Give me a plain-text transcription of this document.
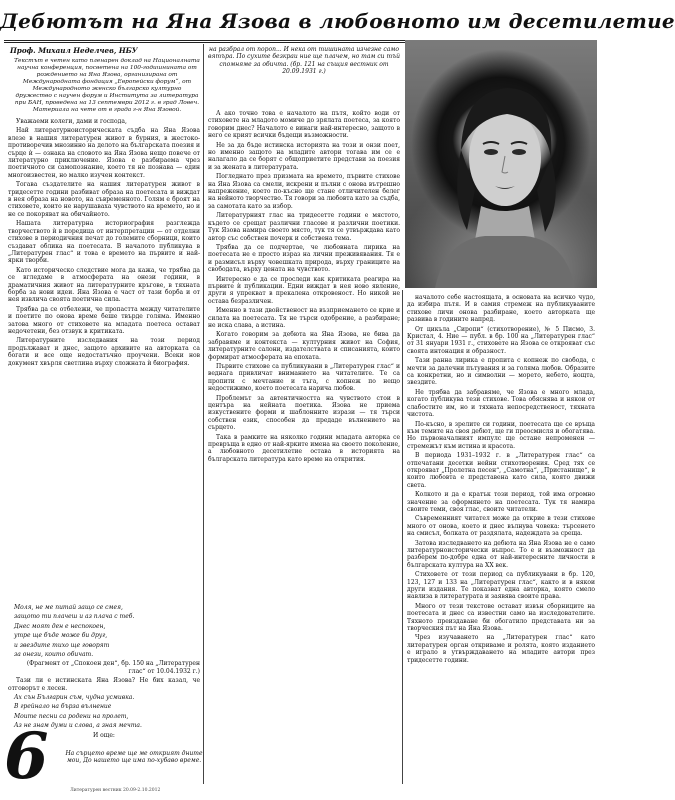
Дебютът на Яна Язова в любовното им десетилетие
Проф. Михаил Неделчев, НБУ
Текстът е четен като пленарен доклад на Националната научна конференция, посветена на 100-годишнината от рождението на Яна Язова, организирана от Международната фондация „Европейски форум“, от Международното женско българско културно дружество с научен форум и Института за литература при БАН, проведена на 13 септември 2012 г. в град Ловеч. Материала на чете от в града г-н Яна Язовой.

Уважаеми колеги, дами и господа,

Най литературноисторическата съдба на Яна Язова влезе в нашия литературен живот в бурния, в жестоко-противоречив мнозинно на делото на българската поезия и сърце ѝ — ознака на словото на Яна Язова нещо повече от литературно приключение. Язова е разбираема чрез поетичното си самопознание, което тя не познава — един многоизвестен, но малко изучен контекст.

Тогава създателите на нашия литературен живот в тридесетте години разбиват образа на поетесата и виждат в нея образа на новото, на съвременното. Голям е броят на стиховете, които не нарушаваха чувството на времето, но и не се покоряват на обичайното.

Нашата литературна историография разглежда творчеството ѝ в поредица от интерпретации — от отделни стихове в периодичния печат до големите сборници, които създават облика на поетесата. В началото публикува в „Литературен глас“ и това е времето на първите и най-ярки творби.

Като историческо следствие мога да кажа, че трябва да се вгледаме в атмосферата на онези години, в драматичния живот на литературните кръгове, в тяхната борба за нови идеи. Яна Язова е част от тази борба и от нея извлича своята поетична сила.

Трябва да се отбележи, че пропастта между читателите и поетите по онова време беше твърде голяма. Именно затова много от стиховете на младата поетеса остават недочетени, без отзвук в критиката.

Литературните изследвания на този период продължават и днес, защото архивите на авторката са богати и все още недостатъчно проучени. Всеки нов документ хвърля светлина върху сложната ѝ биография.

Моля, не ме питай защо се смея,

защото ти плачеш и аз плача с теб.

Днес моят ден е неспокоен,

утре ще бъде може би друг,

и звездите тихо ще говорят

за онези, които обичат.

(Фрагмент от „Спокоен ден“, бр. 150 на „Литературен глас“ от 10.04.1932 г.)

Тази ли е истинската Яна Язова? Не бих казал, че отговорът е лесен.

Ах сън Българин съм, чудна усмивка.

В грейнало на бърза вълнение

Моите песни са родени на пролет,

Аз не знам думи и слова, а зная мечта.

И още:

6	На сърцето време ще ме открият дните мои, До нашето ще има по-хубаво време.

на разбрал от пороп... И нека от тишината изчезне само вятъра. По сухите безкраи ние ще плачем, но там си тъй спомняме за обичта. (бр. 121 на същия вестник от 20.09.1931 г.)

А ако точно това е началото на пътя, който води от стиховете на младото момиче до зрялата поетеса, за която говорим днес? Началото е винаги най-интересно, защото в него се крият всички бъдещи възможности.

Не за да бъде истинска историята на този и онзи поет, но именно защото на младите автори тогава им се е налагало да се борят с общоприетите представи за поезия и за жената в литературата.

Погледнато през призмата на времето, първите стихове на Яна Язова са смели, искрени и пълни с онова вътрешно напрежение, което по-късно ще стане отличителен белег на нейното творчество. Тя говори за любовта като за съдба, за самотата като за избор.

Литературният глас на тридесетте години е мястото, където се срещат различни гласове и различни поетики. Тук Язова намира своето място, тук тя се утвърждава като автор със собствен почерк и собствена тема.

Трябва да се подчертае, че любовната лирика на поетесата не е просто израз на лични преживявания. Тя е и размисъл върху човешката природа, върху границите на свободата, върху цената на чувството.

Интересно е да се проследи как критиката реагира на първите ѝ публикации. Едни виждат в нея ново явление, други я упрекват в прекалена откровеност. Но никой не остава безразличен.

Именно в тази двойственост на възприемането се крие и силата на поетесата. Тя не търси одобрение, а разбиране; не иска слава, а истина.

Когато говорим за дебюта на Яна Язова, не бива да забравяме и контекста — културния живот на София, литературните салони, издателствата и списанията, които формират атмосферата на епохата.

Първите стихове са публикувани в „Литературен глас“ и веднага привличат вниманието на читателите. Те са пропити с мечтание и тъга, с копнеж по нещо недостижимо, което поетесата нарича любов.

Проблемът за автентичността на чувството стои в центъра на нейната поетика. Язова не приема изкуствените форми и шаблонните изрази — тя търси собствен език, способен да предаде вълнението на сърцето.

Така в рамките на няколко години младата авторка се превръща в едно от най-ярките имена на своето поколение, а любовното десетилетие остава в историята на българската литература като време на открития.

началото себе настоящата, в основата на всичко чудо, да избира пътя. И в самия стремеж на публикуваните стихове личи онова разбиране, което авторката ще развива в годините напред.

От цикъла „Сиропи“ (стихотворение), № 5 Писмо, 3. Кристал, 4. Ние — публ. в бр. 100 на „Литературен глас“ от 31 януари 1931 г., стиховете на Язова се открояват със своята интонация и образност.

Тази ранна лирика е пропита с копнеж по свобода, с мечти за далечни пътувания и за голяма любов. Образите са конкретни, но и символни — морето, небето, нощта, звездите.

Не трябва да забравяме, че Язова е много млада, когато публикува тези стихове. Това обяснява и някои от слабостите им, но и тяхната непосредственост, тяхната чистота.

По-късно, в зрелите си години, поетесата ще се връща към темите на своя дебют, ще ги преосмисля и обогатява. Но първоначалният импулс ще остане непроменен — стремежът към истина и красота.

В периода 1931–1932 г. в „Литературен глас“ са отпечатани десетки нейни стихотворения. Сред тях се открояват „Пролетна песен“, „Самотна“, „Пристанище“, в които любовта е представена като сила, която движи света.

Колкото и да е кратък този период, той има огромно значение за оформянето на поетесата. Тук тя намира своите теми, своя глас, своите читатели.

Съвременният читател може да открие в тези стихове много от онова, което и днес вълнува човека: търсенето на смисъл, болката от раздялата, надеждата за среща.

Затова изследването на дебюта на Яна Язова не е само литературноисторически въпрос. То е и възможност да разберем по-добре една от най-интересните личности в българската култура на XX век.

Стиховете от този период са публикувани в бр. 120, 123, 127 и 133 на „Литературен глас“, както и в някои други издания. Те показват една авторка, която смело навлиза в литературата и заявява своите права.

Много от тези текстове остават извън сборниците на поетесата и днес са известни само на изследователите. Тяхното преиздаване би обогатило представата ни за творческия път на Яна Язова.

Чрез изучаването на „Литературен глас“ като литературен орган откриваме и ролята, която изданието е играло в утвърждаването на младите автори през тридесетте години.

Литературен вестник 20.09-2.10.2012
